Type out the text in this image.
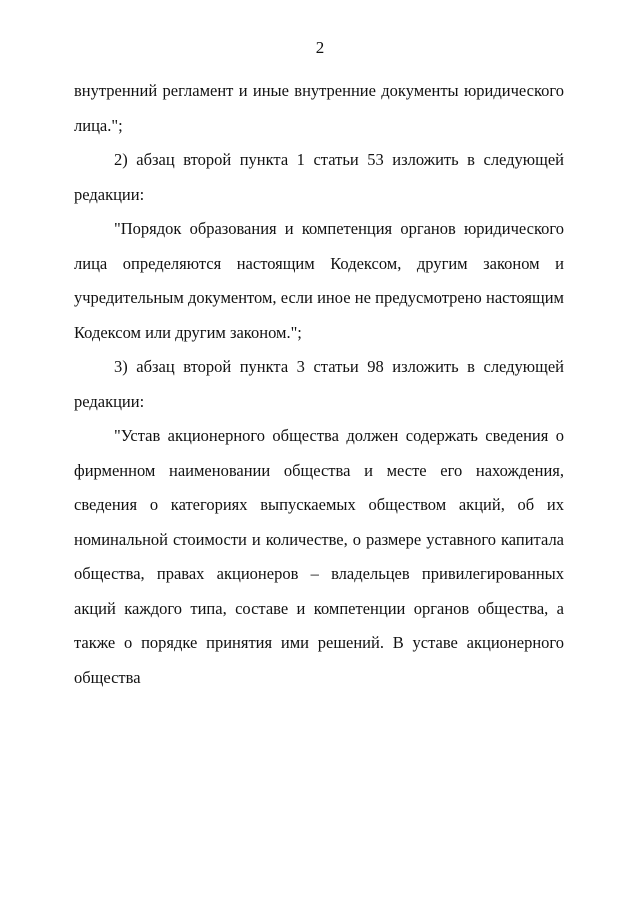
2

внутренний регламент и иные внутренние документы юридического лица.";

2) абзац второй пункта 1 статьи 53 изложить в следующей редакции:

"Порядок образования и компетенция органов юридического лица определяются настоящим Кодексом, другим законом и учредительным документом, если иное не предусмотрено настоящим Кодексом или другим законом.";

3) абзац второй пункта 3 статьи 98 изложить в следующей редакции:

"Устав акционерного общества должен содержать сведения о фирменном наименовании общества и месте его нахождения, сведения о категориях выпускаемых обществом акций, об их номинальной стоимости и количестве, о размере уставного капитала общества, правах акционеров – владельцев привилегированных акций каждого типа, составе и компетенции органов общества, а также о порядке принятия ими решений. В уставе акционерного общества
